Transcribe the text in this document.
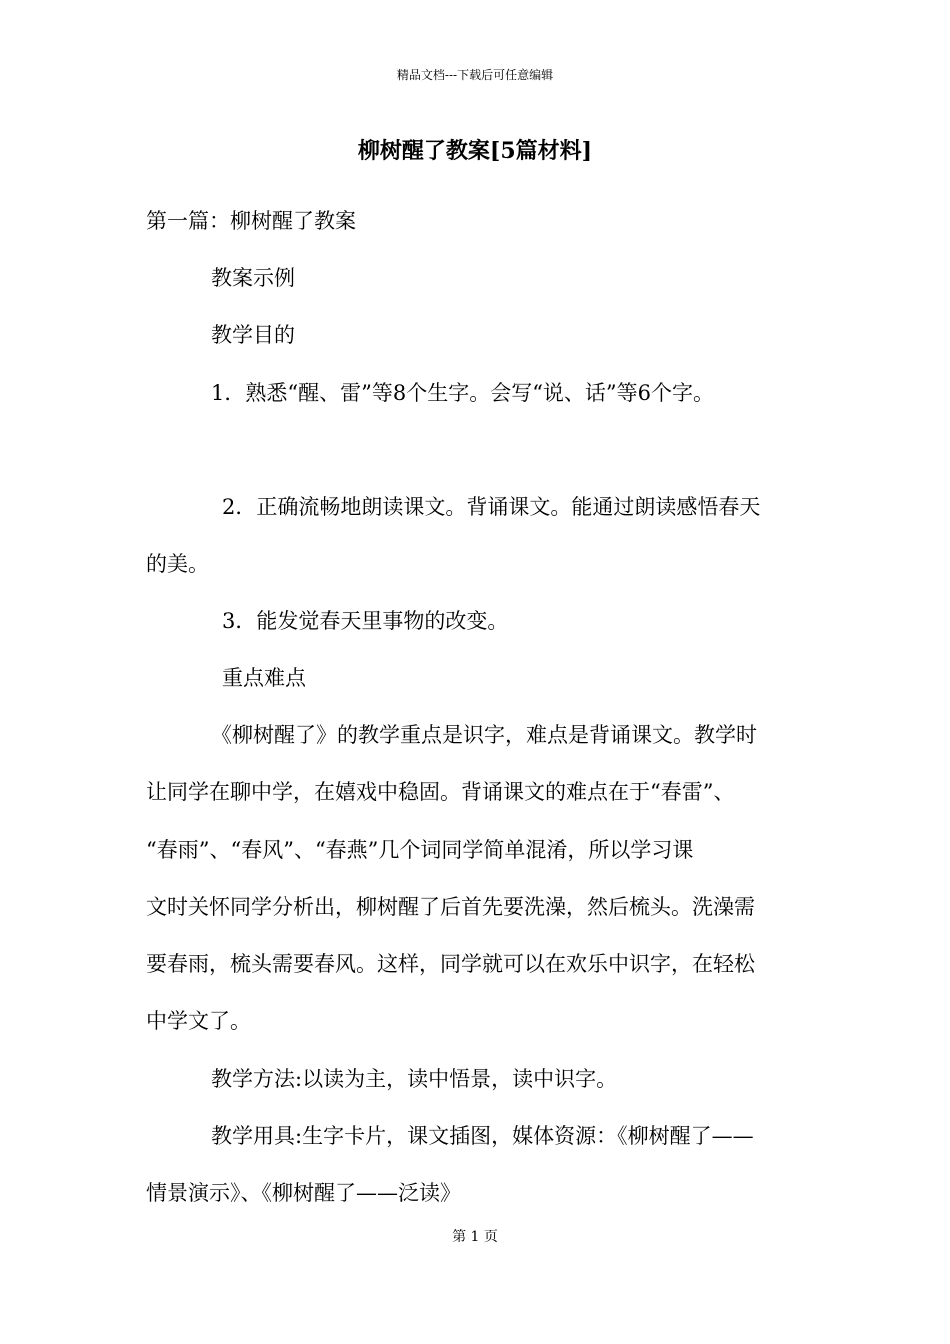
精品文档---下载后可任意编辑
柳树醒了教案[5篇材料]
第一篇：柳树醒了教案
教案示例
教学目的
1．熟悉“醒、雷”等8个生字。会写“说、话”等6个字。
2．正确流畅地朗读课文。背诵课文。能通过朗读感悟春天
的美。
3．能发觉春天里事物的改变。
重点难点
《柳树醒了》的教学重点是识字，难点是背诵课文。教学时
让同学在聊中学，在嬉戏中稳固。背诵课文的难点在于“春雷”、
“春雨”、“春风”、“春燕”几个词同学简单混淆，所以学习课
文时关怀同学分析出，柳树醒了后首先要洗澡，然后梳头。洗澡需
要春雨，梳头需要春风。这样，同学就可以在欢乐中识字，在轻松
中学文了。
教学方法:以读为主，读中悟景，读中识字。
教学用具:生字卡片，课文插图，媒体资源：《柳树醒了——
情景演示》、《柳树醒了——泛读》
第 1 页
